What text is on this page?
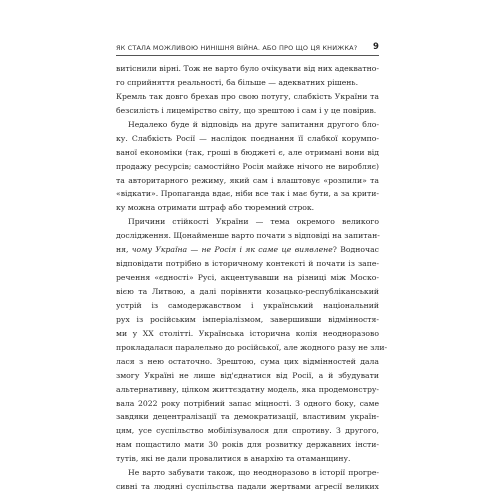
ЯК СТАЛА МОЖЛИВОЮ НИНІШНЯ ВІЙНА. АБО ПРО ЩО ЦЯ КНИЖКА? 9
витіснили вірні. Тож не варто було очікувати від них адекватно-
го сприйняття реальності, ба більше — адекватних рішень.
Кремль так довго брехав про свою потугу, слабкість України та
безсилість і лицемірство світу, що зрештою і сам і у це повірив.
Недалеко буде й відповідь на друге запитання другого бло-
ку. Слабкість Росії — наслідок поєднання її слабкої корумпо-
ваної економіки (так, гроші в бюджеті є, але отримані вони від
продажу ресурсів; самостійно Росія майже нічого не виробляє)
та авторитарного режиму, який сам і влаштовує «розпили» та
«відкати». Пропаганда вдає, ніби все так і має бути, а за крити-
ку можна отримати штраф або тюремний строк.
Причини стійкості України — тема окремого великого
дослідження. Щонайменше варто почати з відповіді на запитан-
ня, чому Україна — не Росія і як саме це виявлене? Водночас
відповідати потрібно в історичному контексті й почати із запе-
речення «єдності» Русі, акцентувавши на різниці між Моско-
вією та Литвою, а далі порівняти козацько-республіканський
устрій із самодержавством і український національний
рух із російським імперіалізмом, завершивши відмінностя-
ми у XX столітті. Українська історична колія неодноразово
прокладалася паралельно до російської, але жодного разу не зли-
лася з нею остаточно. Зрештою, сума цих відмінностей дала
змогу Україні не лише від'єднатися від Росії, а й збудувати
альтернативну, цілком життєздатну модель, яка продемонстру-
вала 2022 року потрібний запас міцності. З одного боку, саме
завдяки децентралізації та демократизації, властивим україн-
цям, усе суспільство мобілізувалося для спротиву. З другого,
нам пощастило мати 30 років для розвитку державних інсти-
тутів, які не дали провалитися в анархію та отаманщину.
Не варто забувати також, що неодноразово в історії прогре-
сивні та людяні суспільства падали жертвами агресії великих
